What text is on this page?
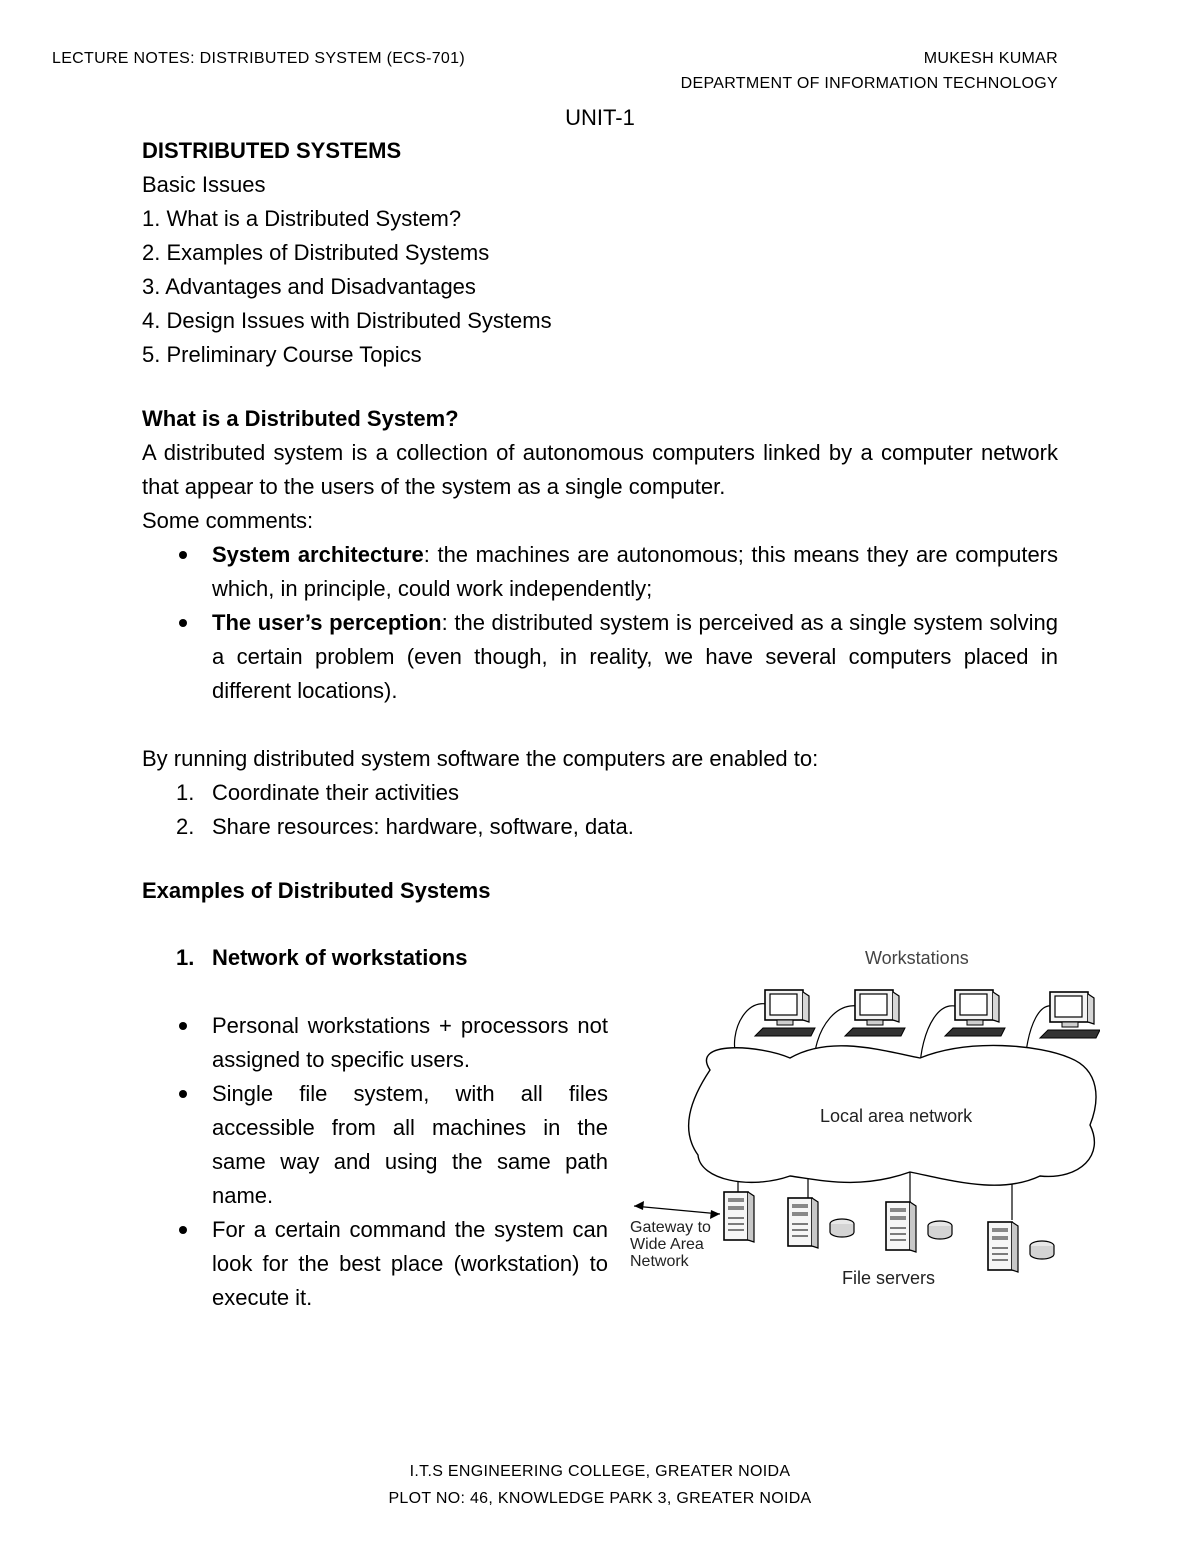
LECTURE NOTES: DISTRIBUTED SYSTEM (ECS-701)	MUKESH KUMAR
DEPARTMENT OF INFORMATION TECHNOLOGY
UNIT-1
DISTRIBUTED SYSTEMS
Basic Issues
1. What is a Distributed System?
2. Examples of Distributed Systems
3. Advantages and Disadvantages
4. Design Issues with Distributed Systems
5. Preliminary Course Topics
What is a Distributed System?
A distributed system is a collection of autonomous computers linked by a computer network that appear to the users of the system as a single computer.
Some comments:
System architecture: the machines are autonomous; this means they are computers which, in principle, could work independently;
The user’s perception: the distributed system is perceived as a single system solving a certain problem (even though, in reality, we have several computers placed in different locations).
By running distributed system software the computers are enabled to:
1. Coordinate their activities
2. Share resources: hardware, software, data.
Examples of Distributed Systems
1. Network of workstations
Personal workstations + processors not assigned to specific users.
Single file system, with all files accessible from all machines in the same way and using the same path name.
For a certain command the system can look for the best place (workstation) to execute it.
Workstations
Local area network
Gateway to
Wide Area
Network
File servers
I.T.S ENGINEERING COLLEGE, GREATER NOIDA
PLOT NO: 46, KNOWLEDGE PARK 3, GREATER NOIDA
